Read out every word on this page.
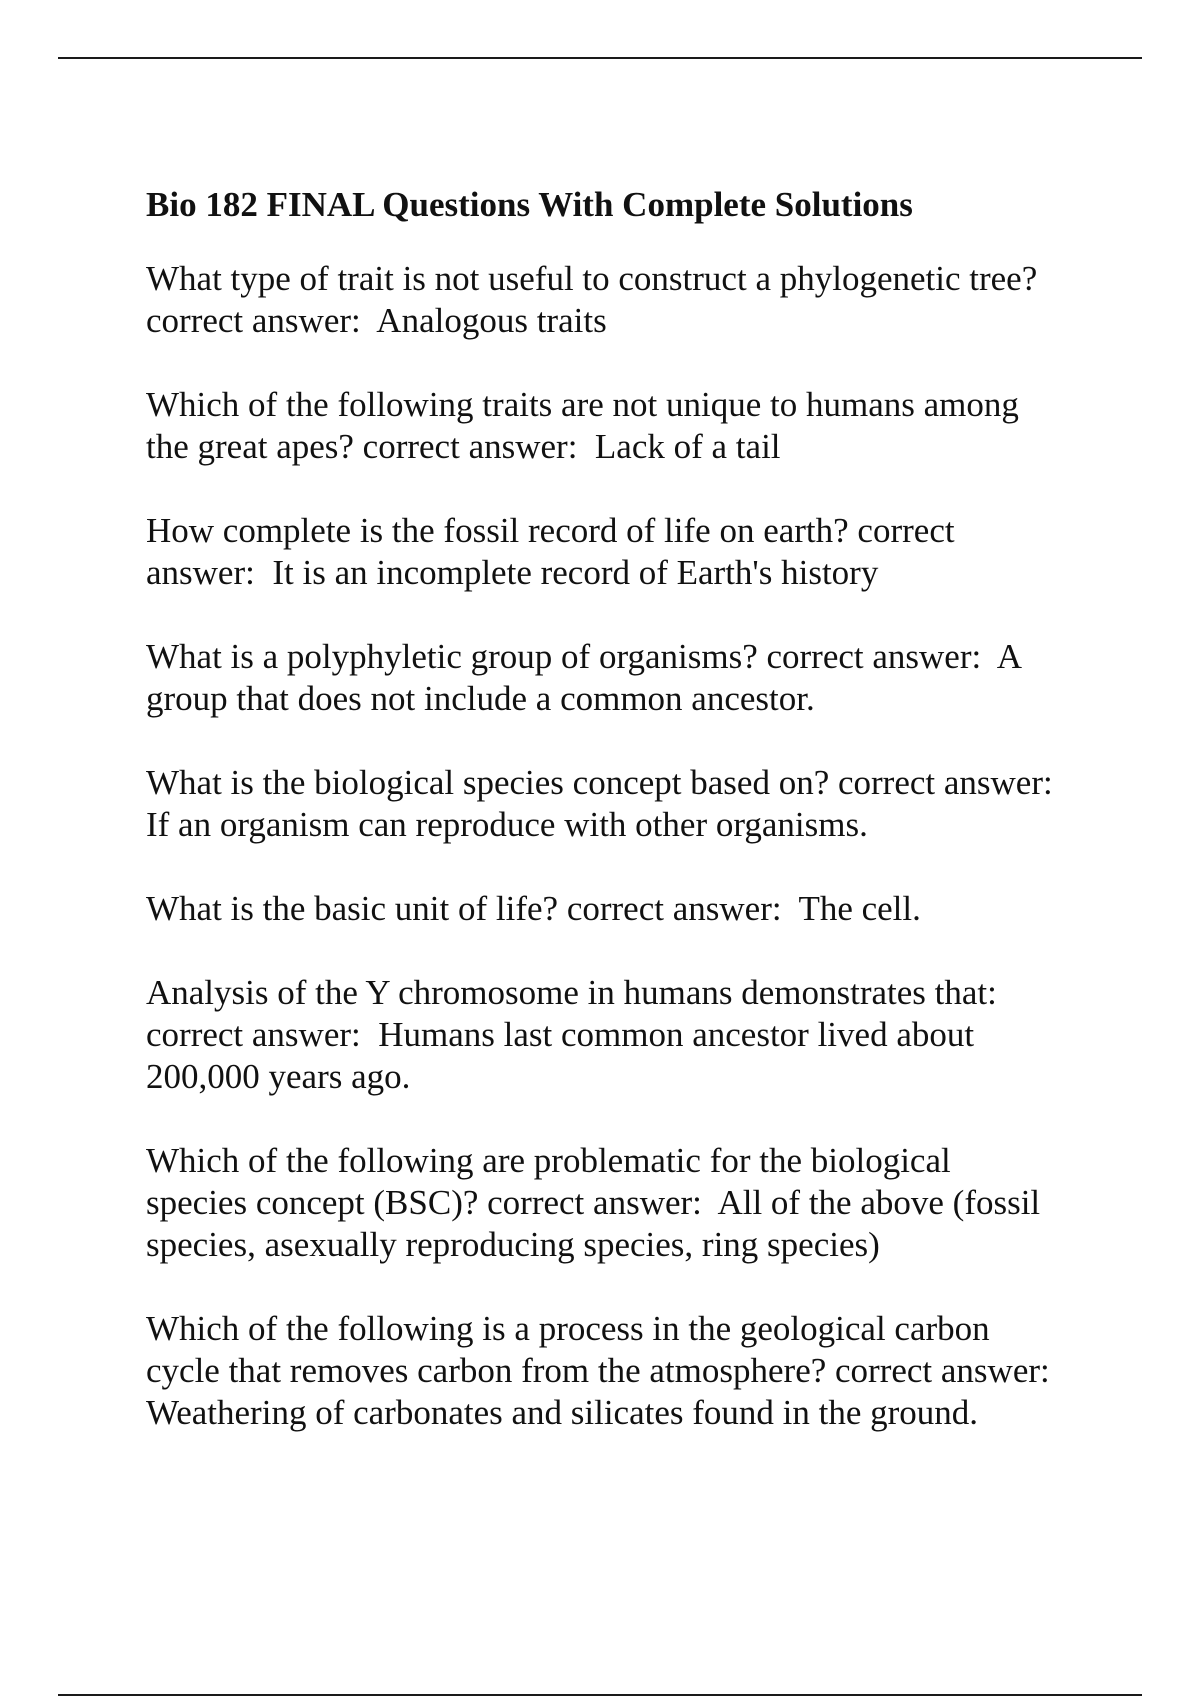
Bio 182 FINAL Questions With Complete Solutions
What type of trait is not useful to construct a phylogenetic tree?
correct answer:  Analogous traits
Which of the following traits are not unique to humans among
the great apes? correct answer:  Lack of a tail
How complete is the fossil record of life on earth? correct
answer:  It is an incomplete record of Earth's history
What is a polyphyletic group of organisms? correct answer:  A
group that does not include a common ancestor.
What is the biological species concept based on? correct answer:
If an organism can reproduce with other organisms.
What is the basic unit of life? correct answer:  The cell.
Analysis of the Y chromosome in humans demonstrates that:
correct answer:  Humans last common ancestor lived about
200,000 years ago.
Which of the following are problematic for the biological
species concept (BSC)? correct answer:  All of the above (fossil
species, asexually reproducing species, ring species)
Which of the following is a process in the geological carbon
cycle that removes carbon from the atmosphere? correct answer:
Weathering of carbonates and silicates found in the ground.
